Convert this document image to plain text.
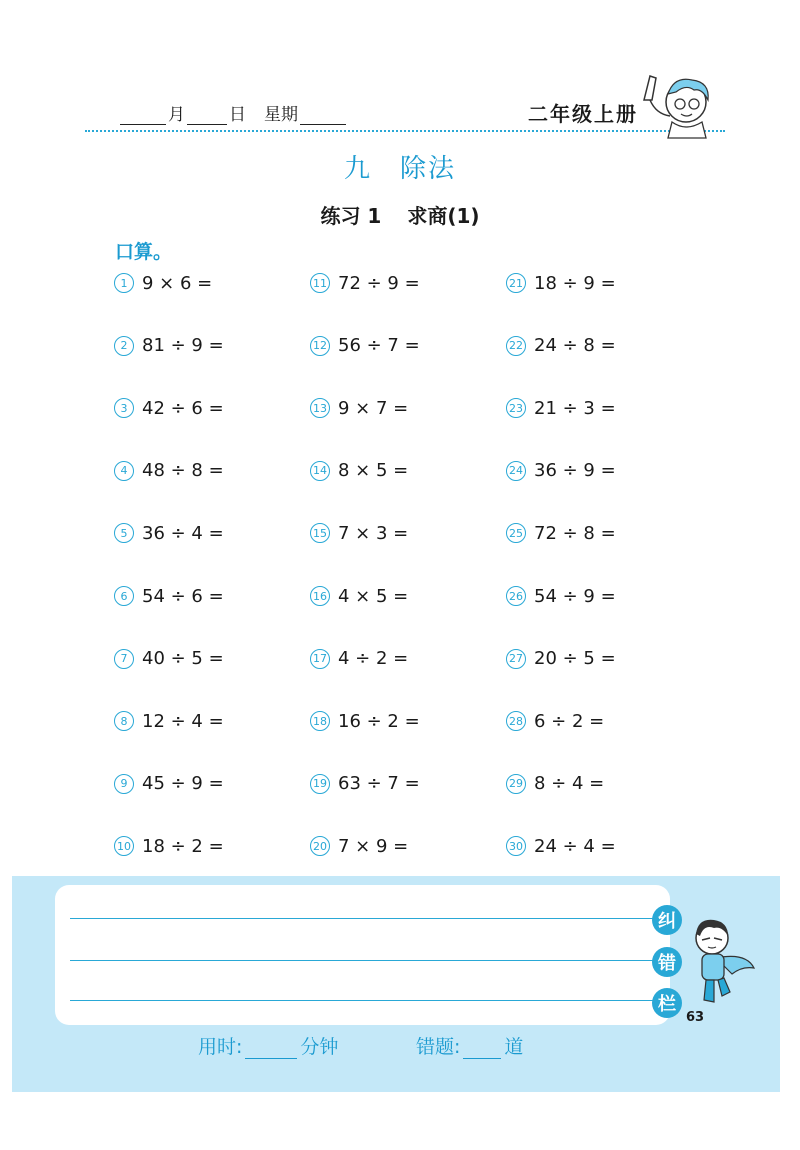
月	日 星期	二年级上册
九 除法
练习 1 求商(1)
口算。
1 9 × 6 =	11 72 ÷ 9 =	21 18 ÷ 9 =
2 81 ÷ 9 =	12 56 ÷ 7 =	22 24 ÷ 8 =
3 42 ÷ 6 =	13 9 × 7 =	23 21 ÷ 3 =
4 48 ÷ 8 =	14 8 × 5 =	24 36 ÷ 9 =
5 36 ÷ 4 =	15 7 × 3 =	25 72 ÷ 8 =
6 54 ÷ 6 =	16 4 × 5 =	26 54 ÷ 9 =
7 40 ÷ 5 =	17 4 ÷ 2 =	27 20 ÷ 5 =
8 12 ÷ 4 =	18 16 ÷ 2 =	28 6 ÷ 2 =
9 45 ÷ 9 =	19 63 ÷ 7 =	29 8 ÷ 4 =
10 18 ÷ 2 =	20 7 × 9 =	30 24 ÷ 4 =
纠
错
栏
63
用时:	分钟	错题: 道
